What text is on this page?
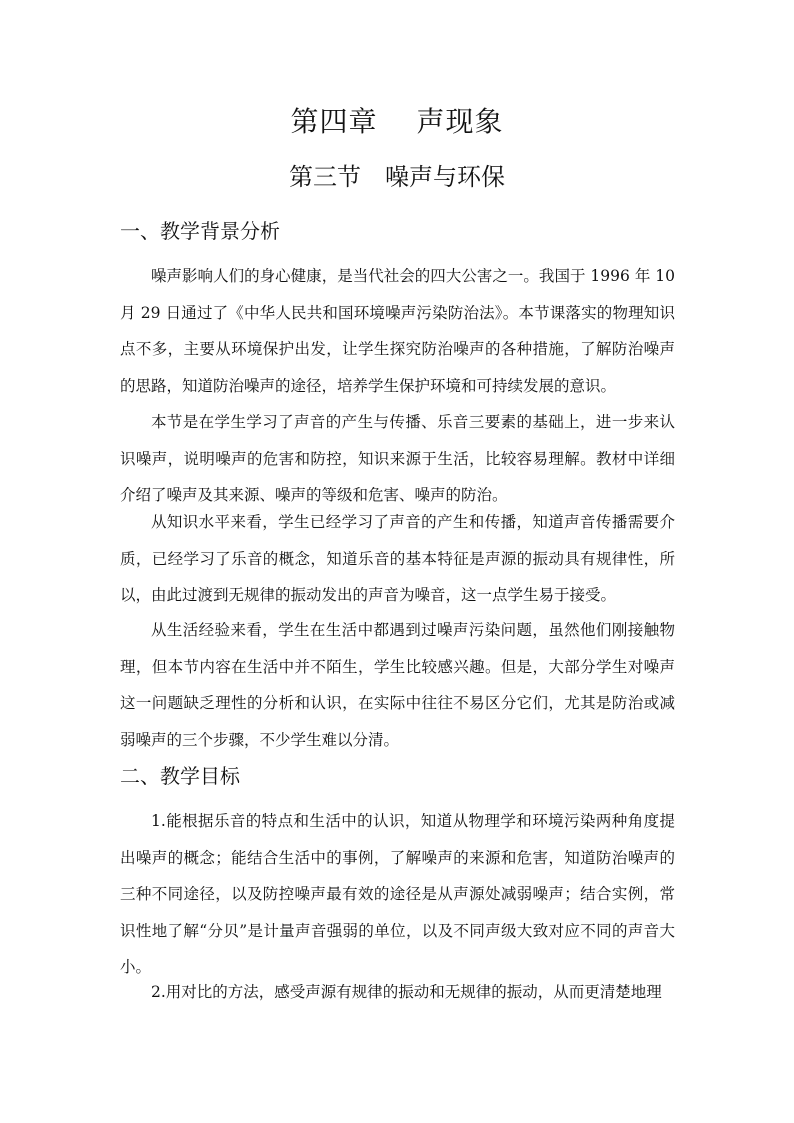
第四章　 声现象
第三节　噪声与环保
一、教学背景分析

噪声影响人们的身心健康，是当代社会的四大公害之一。我国于 1996 年 10 月 29 日通过了《中华人民共和国环境噪声污染防治法》。本节课落实的物理知识点不多，主要从环境保护出发，让学生探究防治噪声的各种措施，了解防治噪声的思路，知道防治噪声的途径，培养学生保护环境和可持续发展的意识。

本节是在学生学习了声音的产生与传播、乐音三要素的基础上，进一步来认识噪声，说明噪声的危害和防控，知识来源于生活，比较容易理解。教材中详细介绍了噪声及其来源、噪声的等级和危害、噪声的防治。

从知识水平来看，学生已经学习了声音的产生和传播，知道声音传播需要介质，已经学习了乐音的概念，知道乐音的基本特征是声源的振动具有规律性，所以，由此过渡到无规律的振动发出的声音为噪音，这一点学生易于接受。

从生活经验来看，学生在生活中都遇到过噪声污染问题，虽然他们刚接触物理，但本节内容在生活中并不陌生，学生比较感兴趣。但是，大部分学生对噪声这一问题缺乏理性的分析和认识，在实际中往往不易区分它们，尤其是防治或减弱噪声的三个步骤，不少学生难以分清。

二、教学目标

1.能根据乐音的特点和生活中的认识，知道从物理学和环境污染两种角度提出噪声的概念；能结合生活中的事例，了解噪声的来源和危害，知道防治噪声的三种不同途径，以及防控噪声最有效的途径是从声源处减弱噪声；结合实例，常识性地了解“分贝”是计量声音强弱的单位，以及不同声级大致对应不同的声音大小。

2.用对比的方法，感受声源有规律的振动和无规律的振动，从而更清楚地理
